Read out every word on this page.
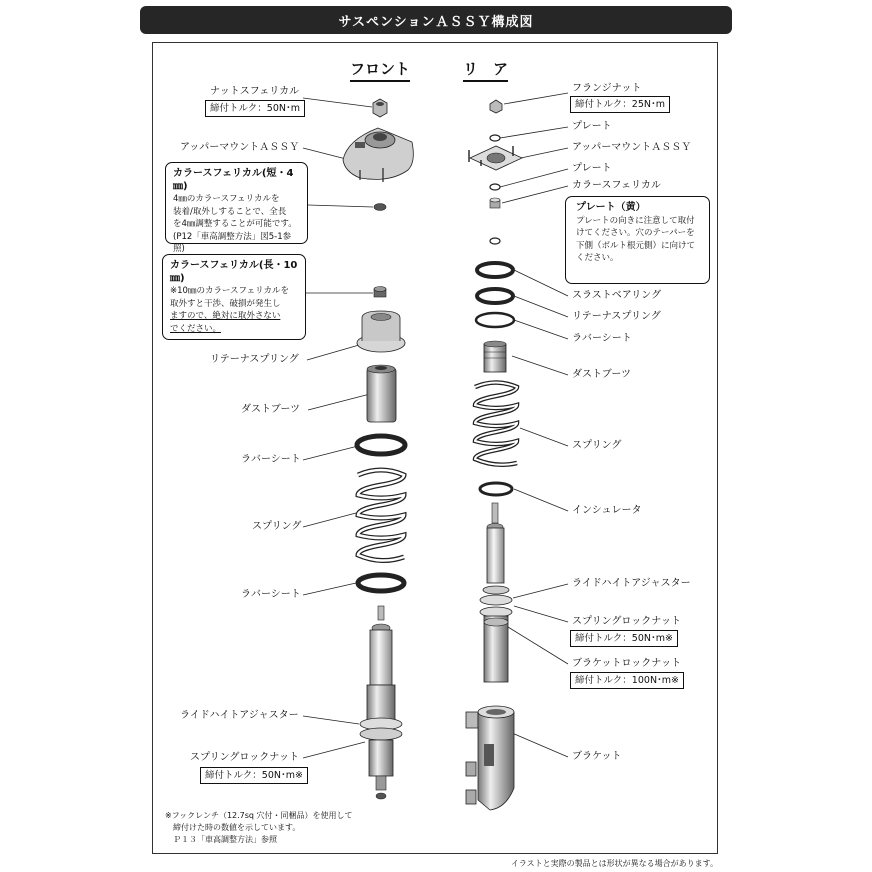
サスペンションＡＳＳＹ構成図
フロント	リ　ア
ナットスフェリカル
締付トルク：50N･m
アッパーマウントＡＳＳＹ
カラースフェリカル(短・4㎜)
4㎜のカラースフェリカルを
装着/取外しすることで、全長
を4㎜調整することが可能です。
(P12「車高調整方法」図5-1参照)
カラースフェリカル(長・10㎜)
※10㎜のカラースフェリカルを
取外すと干渉、破損が発生し
ますので、絶対に取外さない
でください。
リテーナスプリング
ダストブーツ
ラバーシート
スプリング
ラバーシート
ライドハイトアジャスター
スプリングロックナット
締付トルク：50N･m※
フランジナット
締付トルク：25N･m
プレート
アッパーマウントＡＳＳＹ
プレート
カラースフェリカル
プレート（黄）
プレートの向きに注意して取付
けてください。穴のテーパーを
下側（ボルト根元側）に向けて
ください。
スラストベアリング
リテーナスプリング
ラバーシート
ダストブーツ
スプリング
インシュレータ
ライドハイトアジャスター
スプリングロックナット
締付トルク：50N･m※
ブラケットロックナット
締付トルク：100N･m※
ブラケット
※フックレンチ（12.7sq 穴付・同梱品）を使用して
　締付けた時の数値を示しています。
　Ｐ１３「車高調整方法」参照
イラストと実際の製品とは形状が異なる場合があります。
